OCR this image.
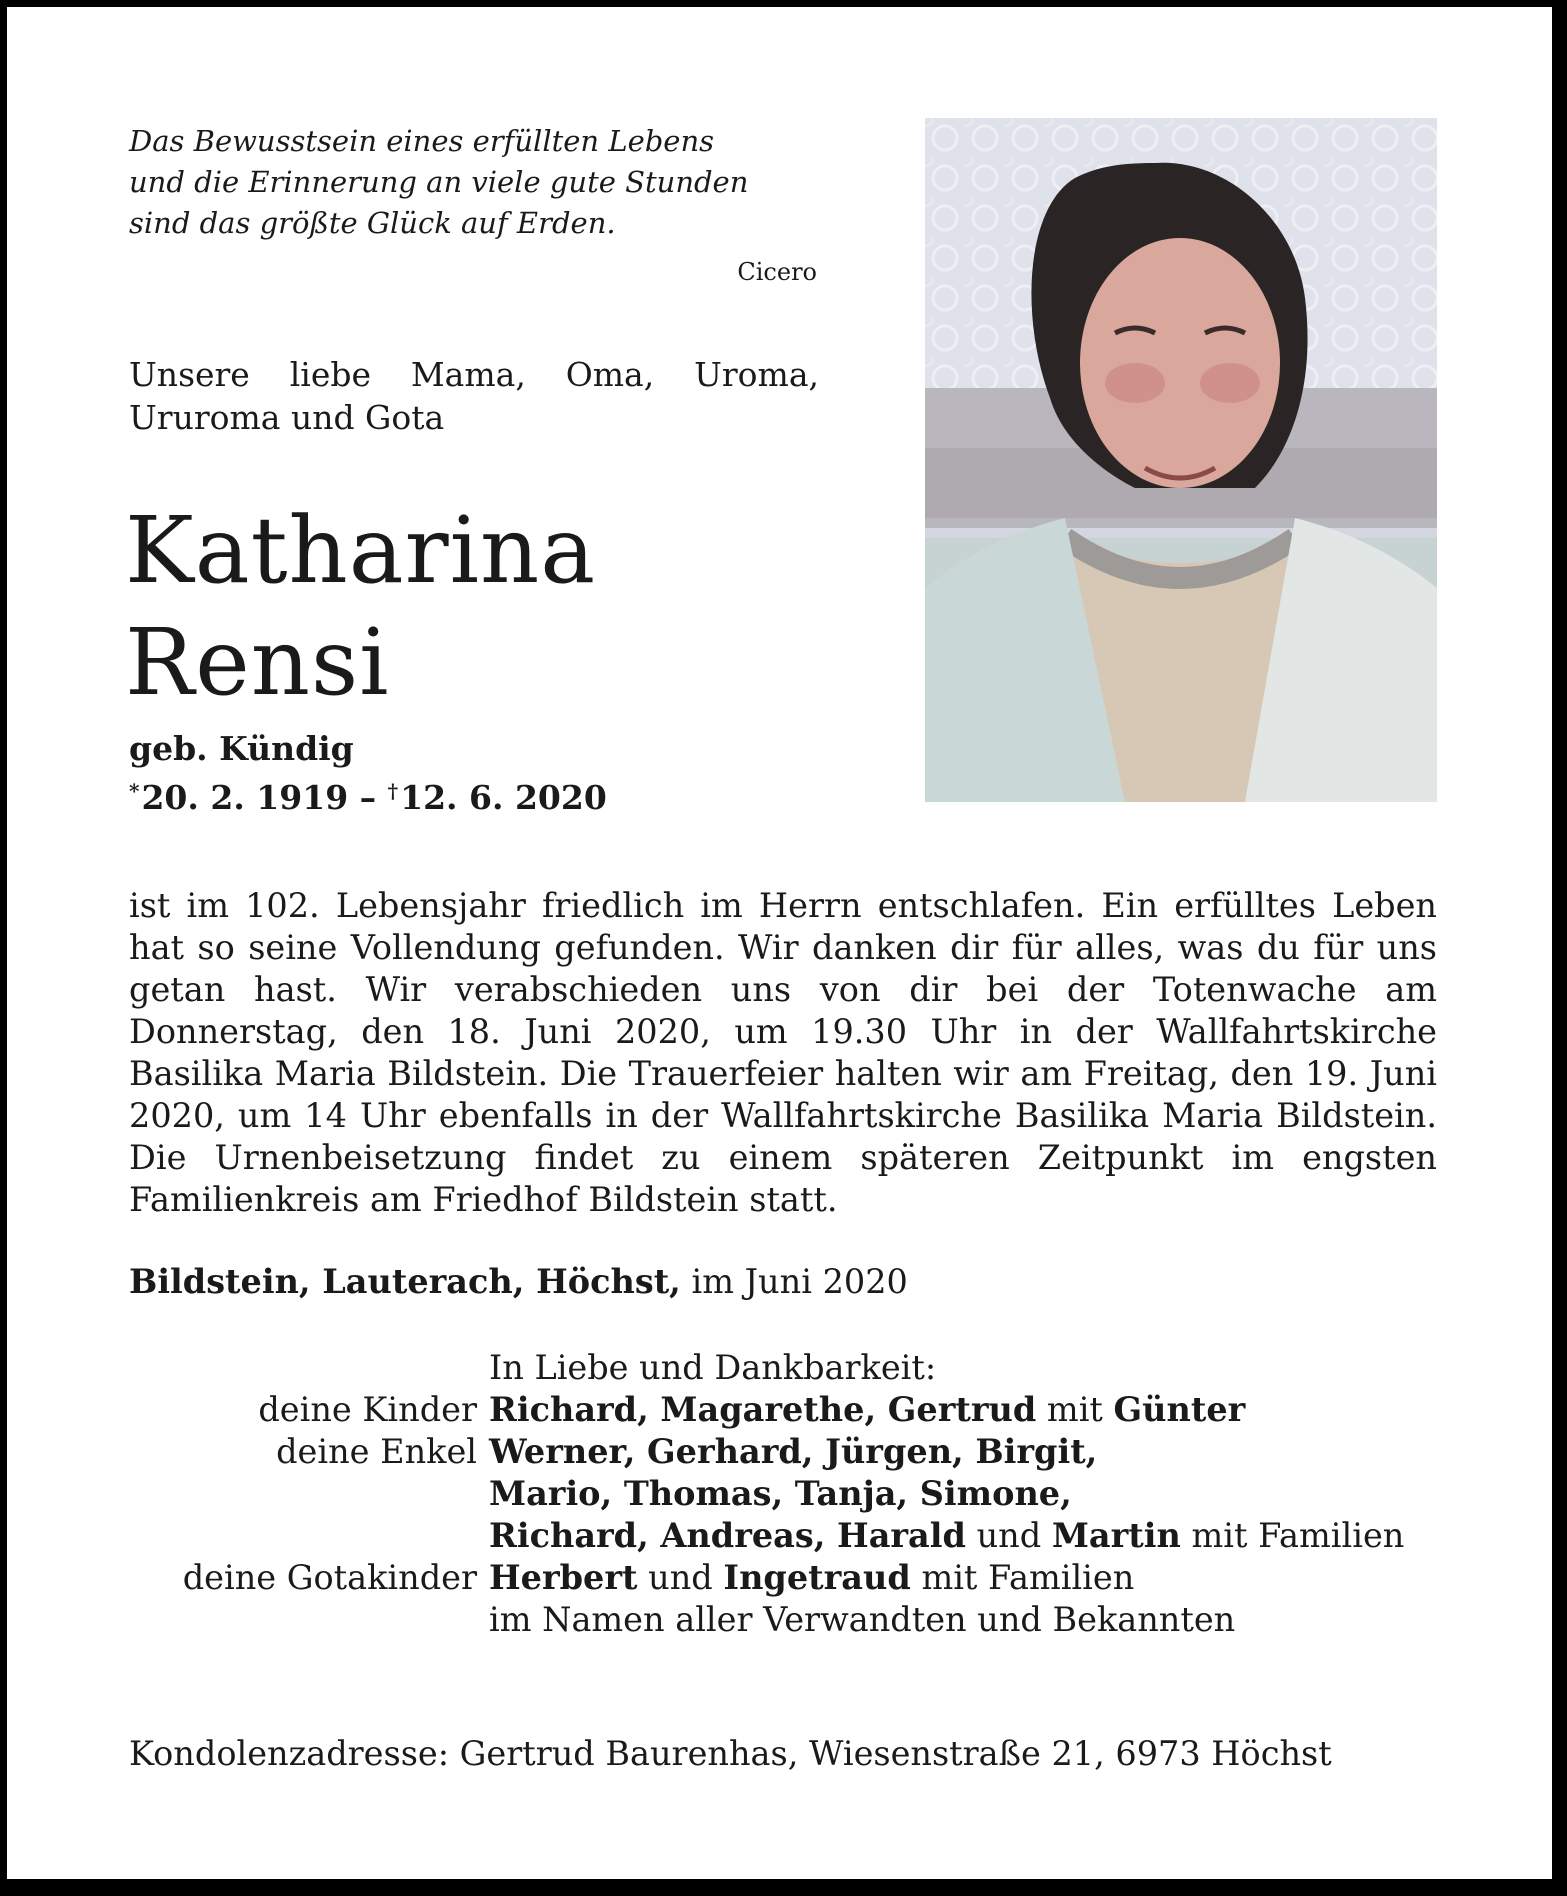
Das Bewusstsein eines erfüllten Lebens
und die Erinnerung an viele gute Stunden
sind das größte Glück auf Erden.
Cicero
Unsere liebe Mama, Oma, Uroma,
Ururoma und Gota
Katharina
Rensi
geb. Kündig
*20. 2. 1919 – †12. 6. 2020
ist im 102. Lebensjahr friedlich im Herrn entschlafen. Ein erfülltes Leben hat so seine Vollendung gefunden. Wir danken dir für alles, was du für uns getan hast. Wir verabschieden uns von dir bei der Totenwache am Donnerstag, den 18. Juni 2020, um 19.30 Uhr in der Wallfahrtskirche Basilika Maria Bildstein. Die Trauerfeier halten wir am Freitag, den 19. Juni 2020, um 14 Uhr ebenfalls in der Wallfahrtskirche Basilika Maria Bildstein. Die Urnenbeisetzung findet zu einem späteren Zeitpunkt im engsten Familienkreis am Friedhof Bildstein statt.
Bildstein, Lauterach, Höchst, im Juni 2020
In Liebe und Dankbarkeit:
deine Kinder Richard, Magarethe, Gertrud mit Günter
deine Enkel Werner, Gerhard, Jürgen, Birgit,
Mario, Thomas, Tanja, Simone,
Richard, Andreas, Harald und Martin mit Familien
deine Gotakinder Herbert und Ingetraud mit Familien
im Namen aller Verwandten und Bekannten
Kondolenzadresse: Gertrud Baurenhas, Wiesenstraße 21, 6973 Höchst
